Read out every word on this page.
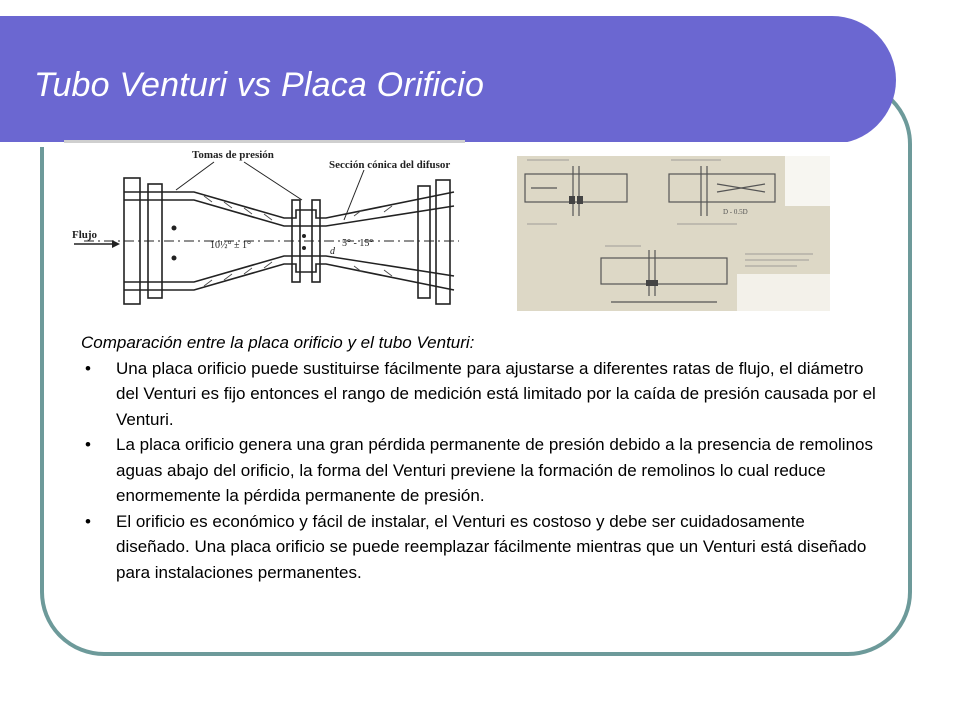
Tubo Venturi vs Placa Orificio
Tomas de presión
Sección cónica del difusor
Flujo
10½° ± 1°	5° - 15°
d
D - 0.5D

Comparación entre la placa orificio y el tubo Venturi:

• Una placa orificio puede sustituirse fácilmente para ajustarse a diferentes ratas de flujo, el diámetro del Venturi es fijo entonces el rango de medición está limitado por la caída de presión causada por el Venturi.
• La placa orificio genera una gran pérdida permanente de presión debido a la presencia de remolinos aguas abajo del orificio, la forma del Venturi previene la formación de remolinos lo cual reduce enormemente la pérdida permanente de presión.
• El orificio es económico y fácil de instalar, el Venturi es costoso y debe ser cuidadosamente diseñado. Una placa orificio se puede reemplazar fácilmente mientras que un Venturi está diseñado para instalaciones permanentes.
